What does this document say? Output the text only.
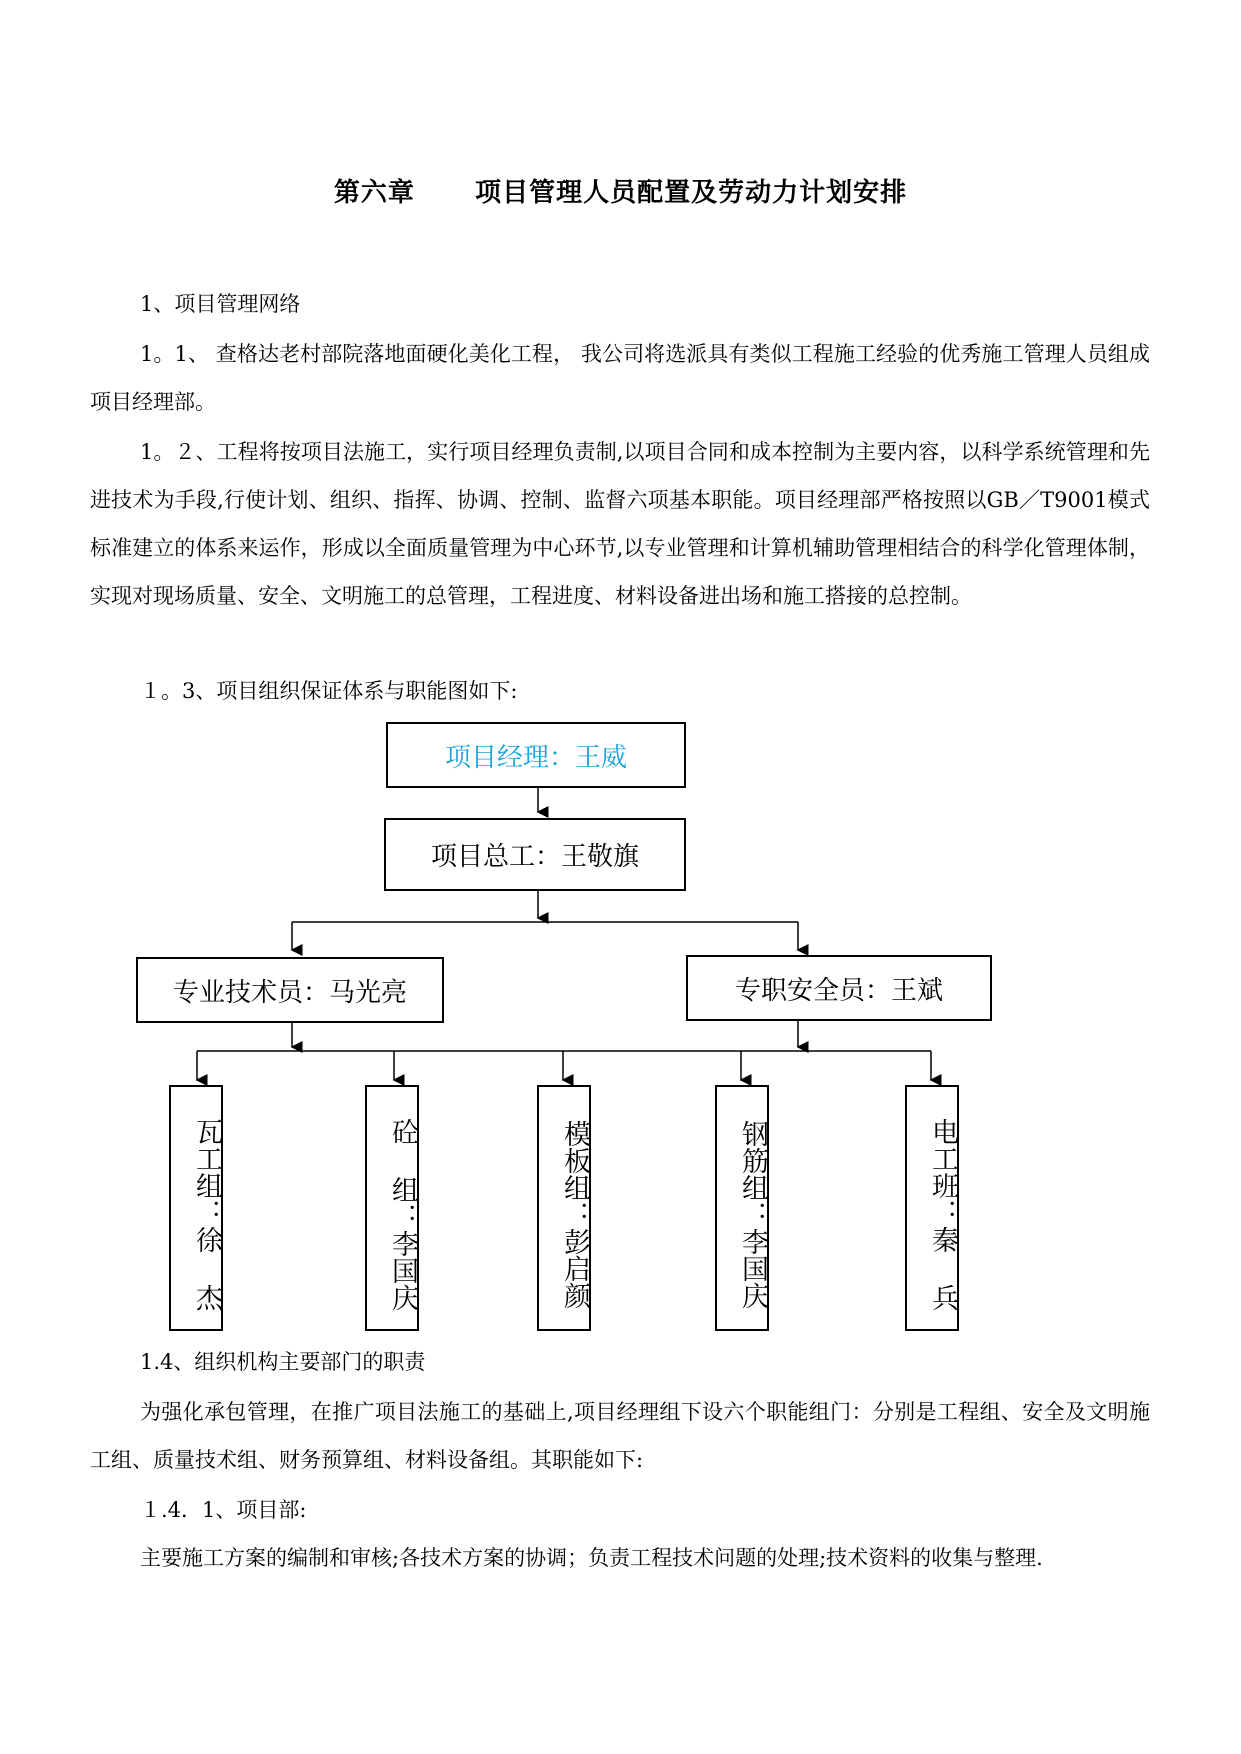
第六章      项目管理人员配置及劳动力计划安排
1、项目管理网络
1。1、 查格达老村部院落地面硬化美化工程， 我公司将选派具有类似工程施工经验的优秀施工管理人员组成项目经理部。
1。２、工程将按项目法施工，实行项目经理负责制,以项目合同和成本控制为主要内容，以科学系统管理和先进技术为手段,行使计划、组织、指挥、协调、控制、监督六项基本职能。项目经理部严格按照以GB／T9001模式标准建立的体系来运作，形成以全面质量管理为中心环节,以专业管理和计算机辅助管理相结合的科学化管理体制，实现对现场质量、安全、文明施工的总管理，工程进度、材料设备进出场和施工搭接的总控制。
１。3、项目组织保证体系与职能图如下:
项目经理：王威
项目总工：王敬旗
专业技术员：马光亮	专职安全员：王斌
瓦工组：徐 杰	砼 组：李国庆	模板组：彭启颜	钢筋组：李国庆	电工班：秦 兵
1.4、组织机构主要部门的职责
为强化承包管理，在推广项目法施工的基础上,项目经理组下设六个职能组门：分别是工程组、安全及文明施工组、质量技术组、财务预算组、材料设备组。其职能如下:
１.4．1、项目部:
主要施工方案的编制和审核;各技术方案的协调；负责工程技术问题的处理;技术资料的收集与整理.
